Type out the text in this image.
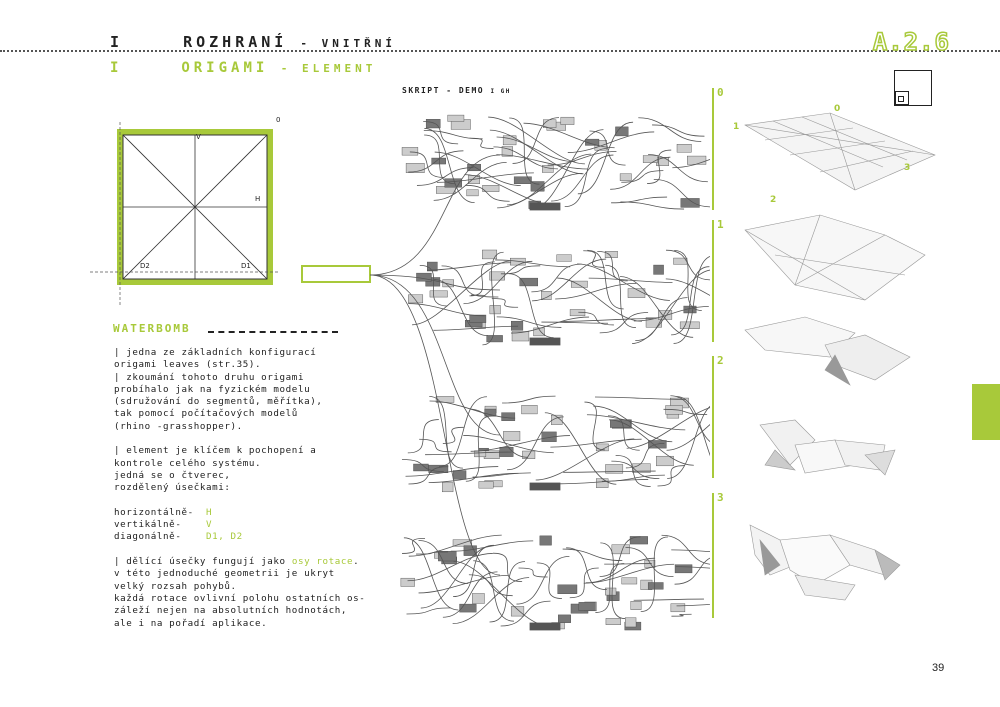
I	ROZHRANÍ - VNITŘNÍ
I	ORIGAMI - ELEMENT
A.2.6
0
V
H
D2	D1
WATERBOMB
| jedna ze základních konfigurací
origami leaves (str.35).
| zkoumání tohoto druhu origami
probíhalo jak na fyzickém modelu
(sdružování do segmentů, měřítka),
tak pomocí počítačových modelů
(rhino -grasshopper).

| element je klíčem k pochopení a
kontrole celého systému.
jedná se o čtverec,
rozdělený úsečkami:

horizontálně-  H
vertikálně-    V
diagonálně-    D1, D2

| dělící úsečky fungují jako osy rotace.
v této jednoduché geometrii je ukryt
velký rozsah pohybů.
každá rotace ovlivní polohu ostatních os-
záleží nejen na absolutních hodnotách,
ale i na pořadí aplikace.
SKRIPT - DEMO I GH	0
1
2
3
0
1
3
2
39
